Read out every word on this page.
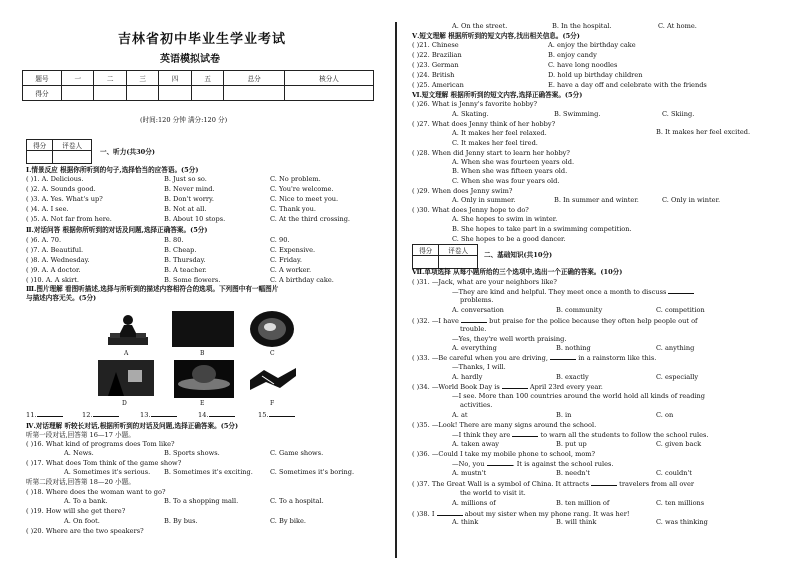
吉林省初中毕业生学业考试
英语模拟试卷
题号	一	二	三	四	五	总分	核分人
得分							
(时间:120 分钟 满分:120 分)
得分	评卷人

一、听力(共30分)
Ⅰ.情景反应 根据你所听到的句子,选择恰当的应答语。(5分)
( )1. A. Delicious.	B. Just so so.	C. No problem.
( )2. A. Sounds good.	B. Never mind.	C. You're welcome.
( )3. A. Yes. What's up?	B. Don't worry.	C. Nice to meet you.
( )4. A. I see.	B. Not at all.	C. Thank you.
( )5. A. Not far from here.	B. About 10 stops.	C. At the third crossing.
Ⅱ.对话问答 根据你所听到的对话及问题,选择正确答案。(5分)
( )6. A. 70.	B. 80.	C. 90.
( )7. A. Beautiful.	B. Cheap.	C. Expensive.
( )8. A. Wednesday.	B. Thursday.	C. Friday.
( )9. A. A doctor.	B. A teacher.	C. A worker.
( )10. A. A skirt.	B. Some flowers.	C. A birthday cake.
Ⅲ.图片理解 看图听描述,选择与所听到的描述内容相符合的选项。下列图中有一幅图片
与描述内容无关。(5分)
A	B	C
D	E	F
11.	12.	13.	14.	15.
Ⅳ.对话理解 听较长对话,根据所听到的对话及问题,选择正确答案。(5分)
听第一段对话,回答第 16—17 小题。
( )16. What kind of programs does Tom like?
A. News.	B. Sports shows.	C. Game shows.
( )17. What does Tom think of the game show?
A. Sometimes it's serious. B. Sometimes it's exciting.	C. Sometimes it's boring.
听第二段对话,回答第 18—20 小题。
( )18. Where does the woman want to go?
A. To a bank.	B. To a shopping mall.	C. To a hospital.
( )19. How will she get there?
A. On foot.	B. By bus.	C. By bike.
( )20. Where are the two speakers?
A. On the street.	B. In the hospital.	C. At home.
Ⅴ.短文理解 根据所听到的短文内容,找出相关信息。(5分)
( )21. Chinese	A. enjoy the birthday cake
( )22. Brazilian	B. enjoy candy
( )23. German	C. have long noodles
( )24. British	D. hold up birthday children
( )25. American	E. have a day off and celebrate with the friends
Ⅵ.短文理解 根据所听到的短文内容,选择正确答案。(5分)
( )26. What is Jenny's favorite hobby?
A. Skating.	B. Swimming.	C. Skiing.
( )27. What does Jenny think of her hobby?
A. It makes her feel relaxed.	B. It makes her feel excited.
C. It makes her feel tired.
( )28. When did Jenny start to learn her hobby?
A. When she was fourteen years old.
B. When she was fifteen years old.
C. When she was four years old.
( )29. When does Jenny swim?
A. Only in summer.	B. In summer and winter.	C. Only in winter.
( )30. What does Jenny hope to do?
A. She hopes to swim in winter.
B. She hopes to take part in a swimming competition.
C. She hopes to be a good dancer.
得分	评卷人
	二、基础知识(共10分)
Ⅶ.单项选择 从每小题所给的三个选项中,选出一个正确的答案。(10分)
( )31. —Jack, what are your neighbors like?
—They are kind and helpful. They meet once a month to discuss
problems.
A. conversation	B. community	C. competition
( )32. —I have	but praise for the police because they often help people out of
trouble.
—Yes, they're well worth praising.
A. everything	B. nothing	C. anything
( )33. —Be careful when you are driving,	in a rainstorm like this.
—Thanks, I will.
A. hardly	B. exactly	C. especially
( )34. —World Book Day is	April 23rd every year.
—I see. More than 100 countries around the world hold all kinds of reading
activities.
A. at	B. in	C. on
( )35. —Look! There are many signs around the school.
—I think they are	to warn all the students to follow the school rules.
A. taken away	B. put up	C. given back
( )36. —Could I take my mobile phone to school, mom?
—No, you	. It is against the school rules.
A. mustn't	B. needn't	C. couldn't
( )37. The Great Wall is a symbol of China. It attracts	travelers from all over
the world to visit it.
A. millions of	B. ten million of	C. ten millions
( )38. I	about my sister when my phone rang. It was her!
A. think	B. will think	C. was thinking
